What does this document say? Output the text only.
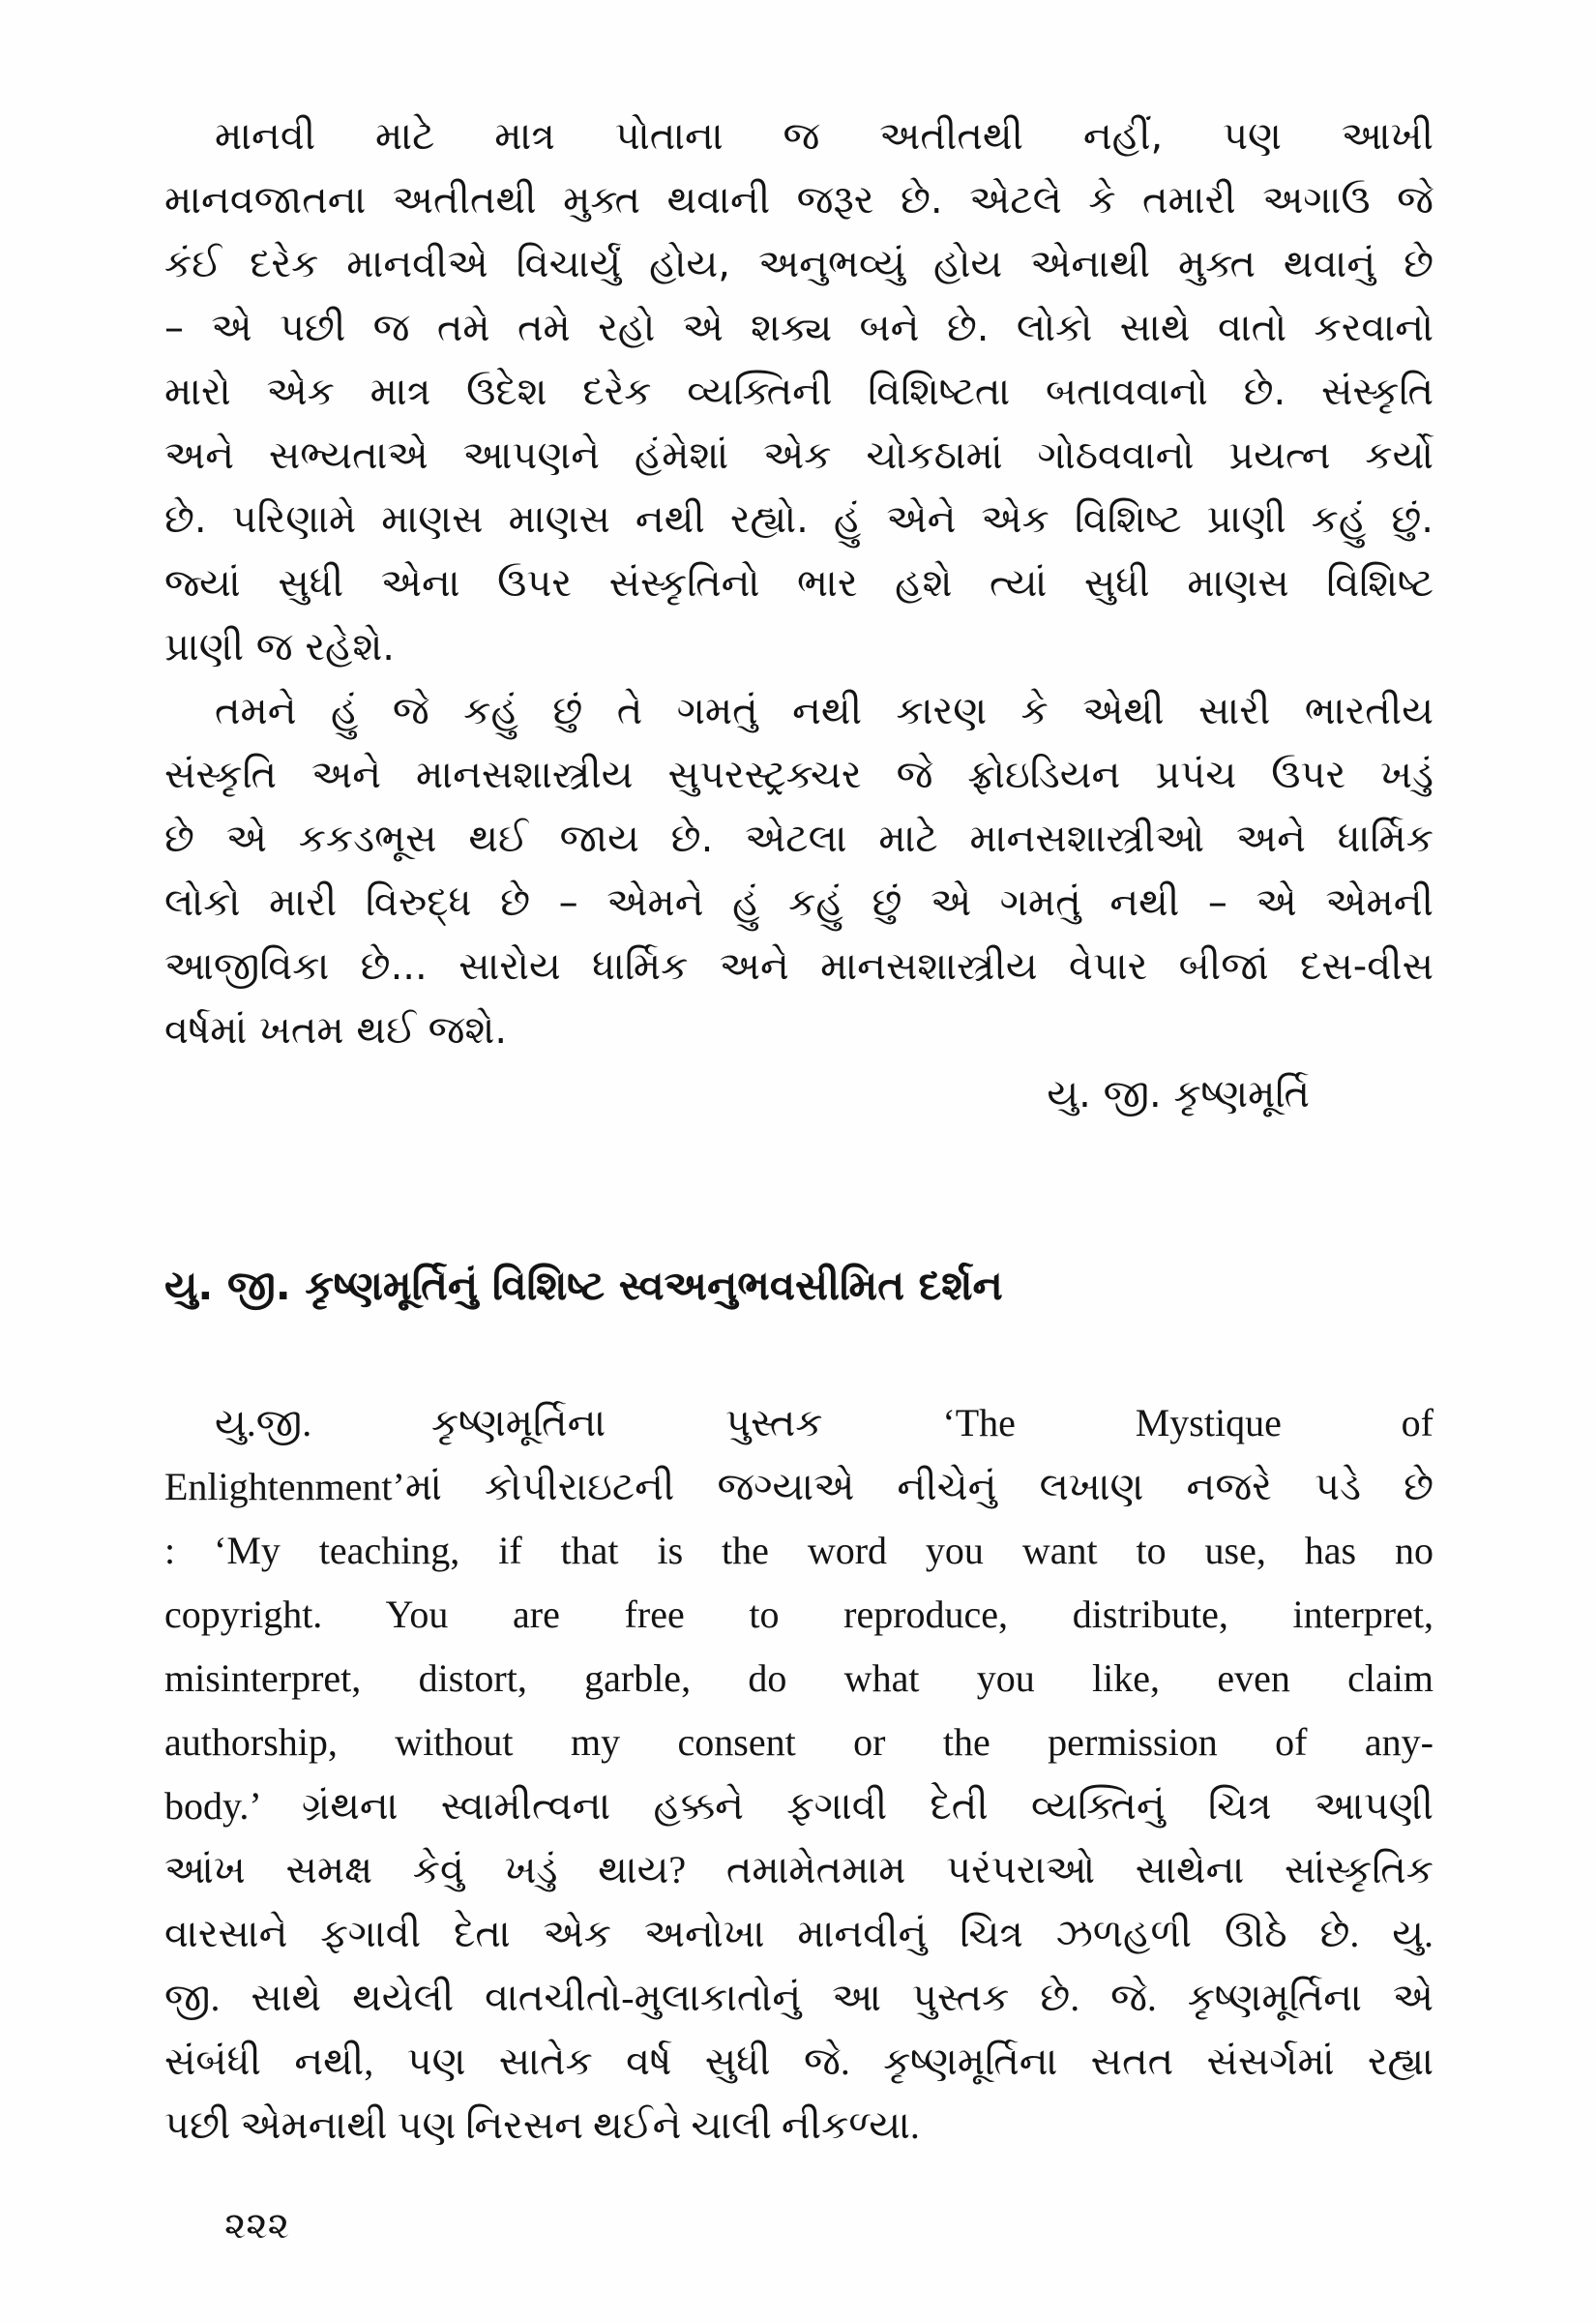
માનવી માટે માત્ર પોતાના જ અતીતથી નહીં, પણ આખી
માનવજાતના અતીતથી મુક્ત થવાની જરૂર છે. એટલે કે તમારી અગાઉ જે
કંઈ દરેક માનવીએ વિચાર્યું હોય, અનુભવ્યું હોય એનાથી મુક્ત થવાનું છે
– એ પછી જ તમે તમે રહો એ શક્ય બને છે. લોકો સાથે વાતો કરવાનો
મારો એક માત્ર ઉદેશ દરેક વ્યક્તિની વિશિષ્ટતા બતાવવાનો છે. સંસ્કૃતિ
અને સભ્યતાએ આપણને હંમેશાં એક ચોકઠામાં ગોઠવવાનો પ્રયત્ન કર્યો
છે. પરિણામે માણસ માણસ નથી રહ્યો. હું એને એક વિશિષ્ટ પ્રાણી કહું છું.
જ્યાં સુધી એના ઉપર સંસ્કૃતિનો ભાર હશે ત્યાં સુધી માણસ વિશિષ્ટ
પ્રાણી જ રહેશે.
તમને હું જે કહું છું તે ગમતું નથી કારણ કે એથી સારી ભારતીય
સંસ્કૃતિ અને માનસશાસ્ત્રીય સુપરસ્ટ્રક્ચર જે ફ્રોઇડિયન પ્રપંચ ઉપર ખડું
છે એ કકડભૂસ થઈ જાય છે. એટલા માટે માનસશાસ્ત્રીઓ અને ધાર્મિક
લોકો મારી વિરુદ્ધ છે – એમને હું કહું છું એ ગમતું નથી – એ એમની
આજીવિકા છે... સારોય ધાર્મિક અને માનસશાસ્ત્રીય વેપાર બીજાં દસ-વીસ
વર્ષમાં ખતમ થઈ જશે.
યુ. જી. કૃષ્ણમૂર્તિ
યુ. જી. કૃષ્ણમૂર્તિનું વિશિષ્ટ સ્વઅનુભવસીમિત દર્શન
યુ.જી. કૃષ્ણમૂર્તિના પુસ્તક ‘The Mystique of
Enlightenment’માં કોપીરાઇટની જગ્યાએ નીચેનું લખાણ નજરે પડે છે
: ‘My teaching, if that is the word you want to use, has no
copyright. You are free to reproduce, distribute, interpret,
misinterpret, distort, garble, do what you like, even claim
authorship, without my consent or the permission of any-
body.’ ગ્રંથના સ્વામીત્વના હક્કને ફગાવી દેતી વ્યક્તિનું ચિત્ર આપણી
આંખ સમક્ષ કેવું ખડું થાય? તમામેતમામ પરંપરાઓ સાથેના સાંસ્કૃતિક
વારસાને ફગાવી દેતા એક અનોખા માનવીનું ચિત્ર ઝળહળી ઊઠે છે. યુ.
જી. સાથે થયેલી વાતચીતો-મુલાકાતોનું આ પુસ્તક છે. જે. કૃષ્ણમૂર્તિના એ
સંબંધી નથી, પણ સાતેક વર્ષ સુધી જે. કૃષ્ણમૂર્તિના સતત સંસર્ગમાં રહ્યા
પછી એમનાથી પણ નિરસન થઈને ચાલી નીકળ્યા.
૨૨૨
